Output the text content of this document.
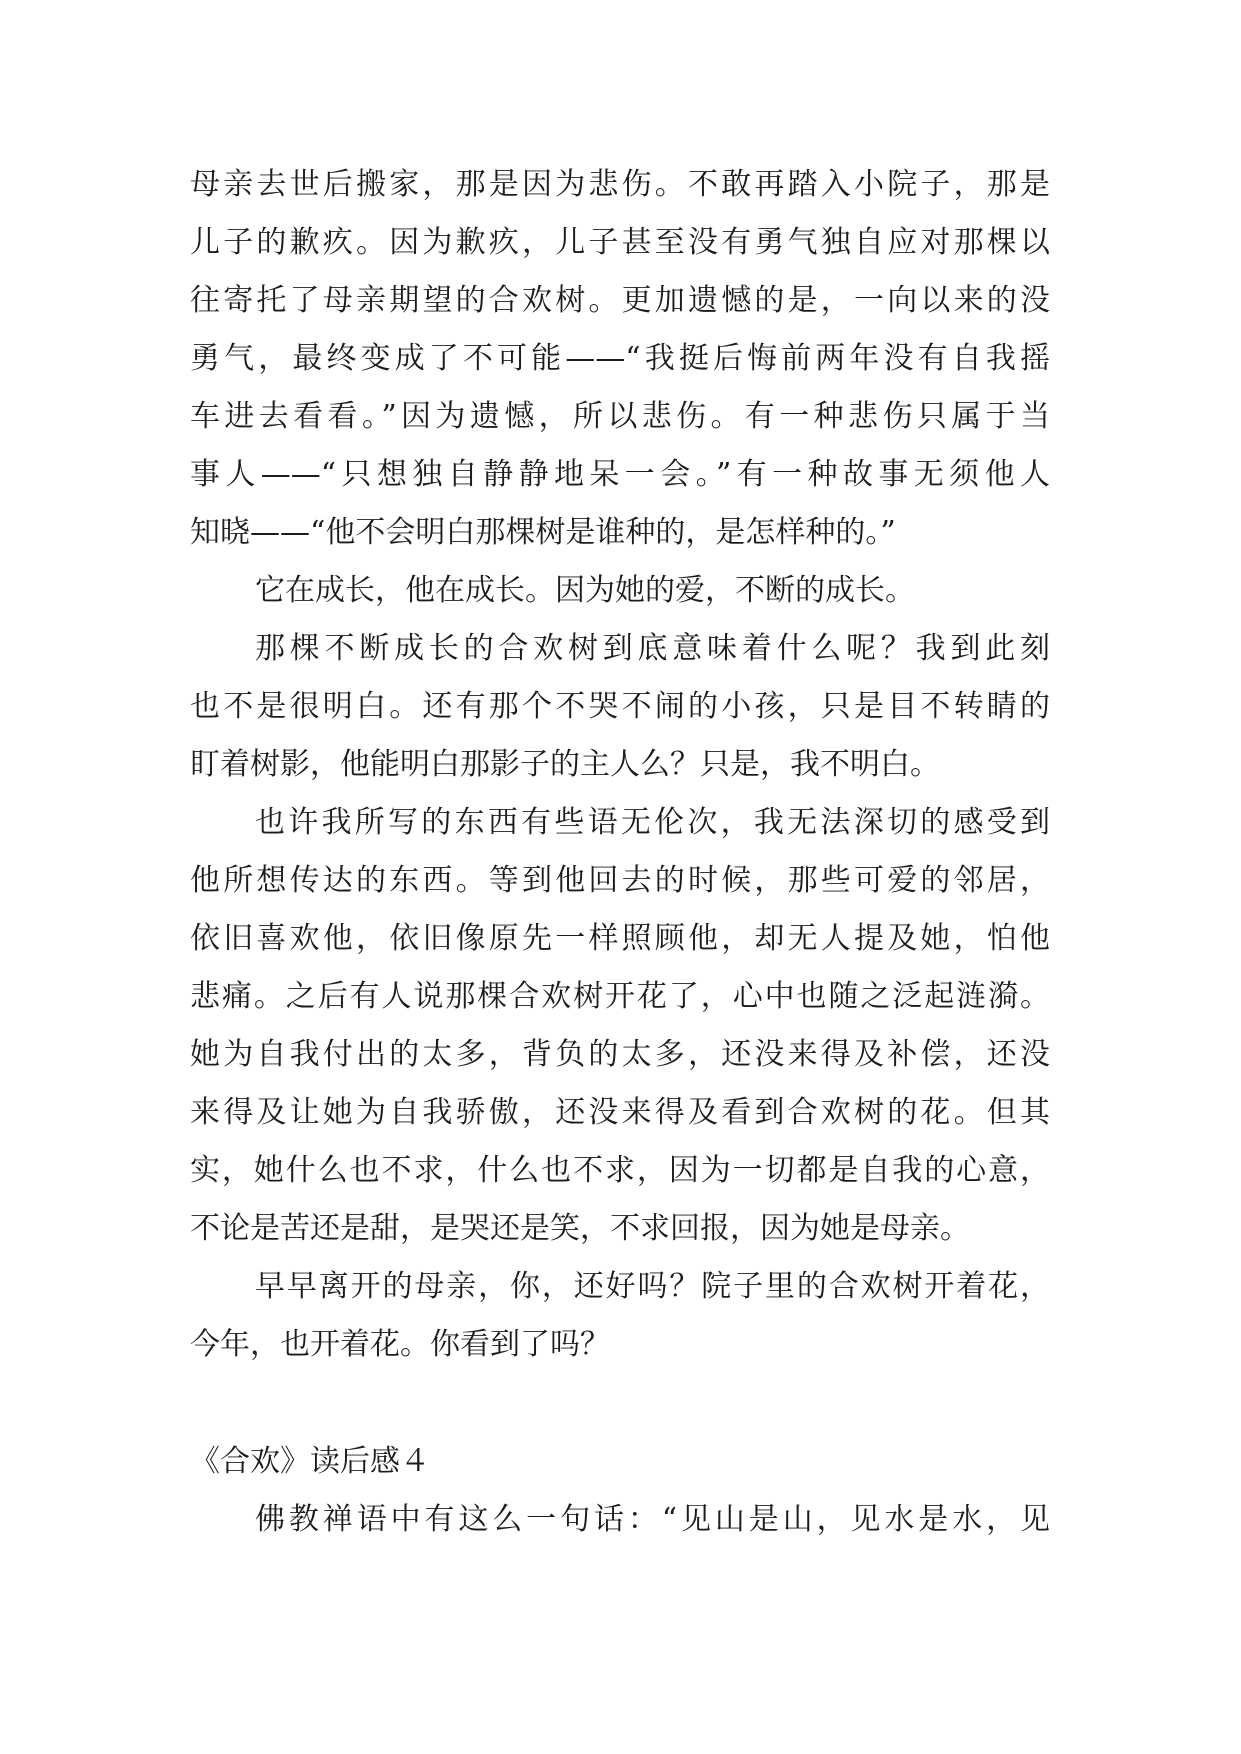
母亲去世后搬家，那是因为悲伤。不敢再踏入小院子，那是
儿子的歉疚。因为歉疚，儿子甚至没有勇气独自应对那棵以
往寄托了母亲期望的合欢树。更加遗憾的是，一向以来的没
勇气，最终变成了不可能——“我挺后悔前两年没有自我摇
车进去看看。”因为遗憾，所以悲伤。有一种悲伤只属于当
事人——“只想独自静静地呆一会。”有一种故事无须他人
知晓——“他不会明白那棵树是谁种的，是怎样种的。”
它在成长，他在成长。因为她的爱，不断的成长。
那棵不断成长的合欢树到底意味着什么呢？我到此刻
也不是很明白。还有那个不哭不闹的小孩，只是目不转睛的
盯着树影，他能明白那影子的主人么？只是，我不明白。
也许我所写的东西有些语无伦次，我无法深切的感受到
他所想传达的东西。等到他回去的时候，那些可爱的邻居，
依旧喜欢他，依旧像原先一样照顾他，却无人提及她，怕他
悲痛。之后有人说那棵合欢树开花了，心中也随之泛起涟漪。
她为自我付出的太多，背负的太多，还没来得及补偿，还没
来得及让她为自我骄傲，还没来得及看到合欢树的花。但其
实，她什么也不求，什么也不求，因为一切都是自我的心意，
不论是苦还是甜，是哭还是笑，不求回报，因为她是母亲。
早早离开的母亲，你，还好吗？院子里的合欢树开着花，
今年，也开着花。你看到了吗？
《合欢》读后感４
佛教禅语中有这么一句话：“见山是山，见水是水，见
